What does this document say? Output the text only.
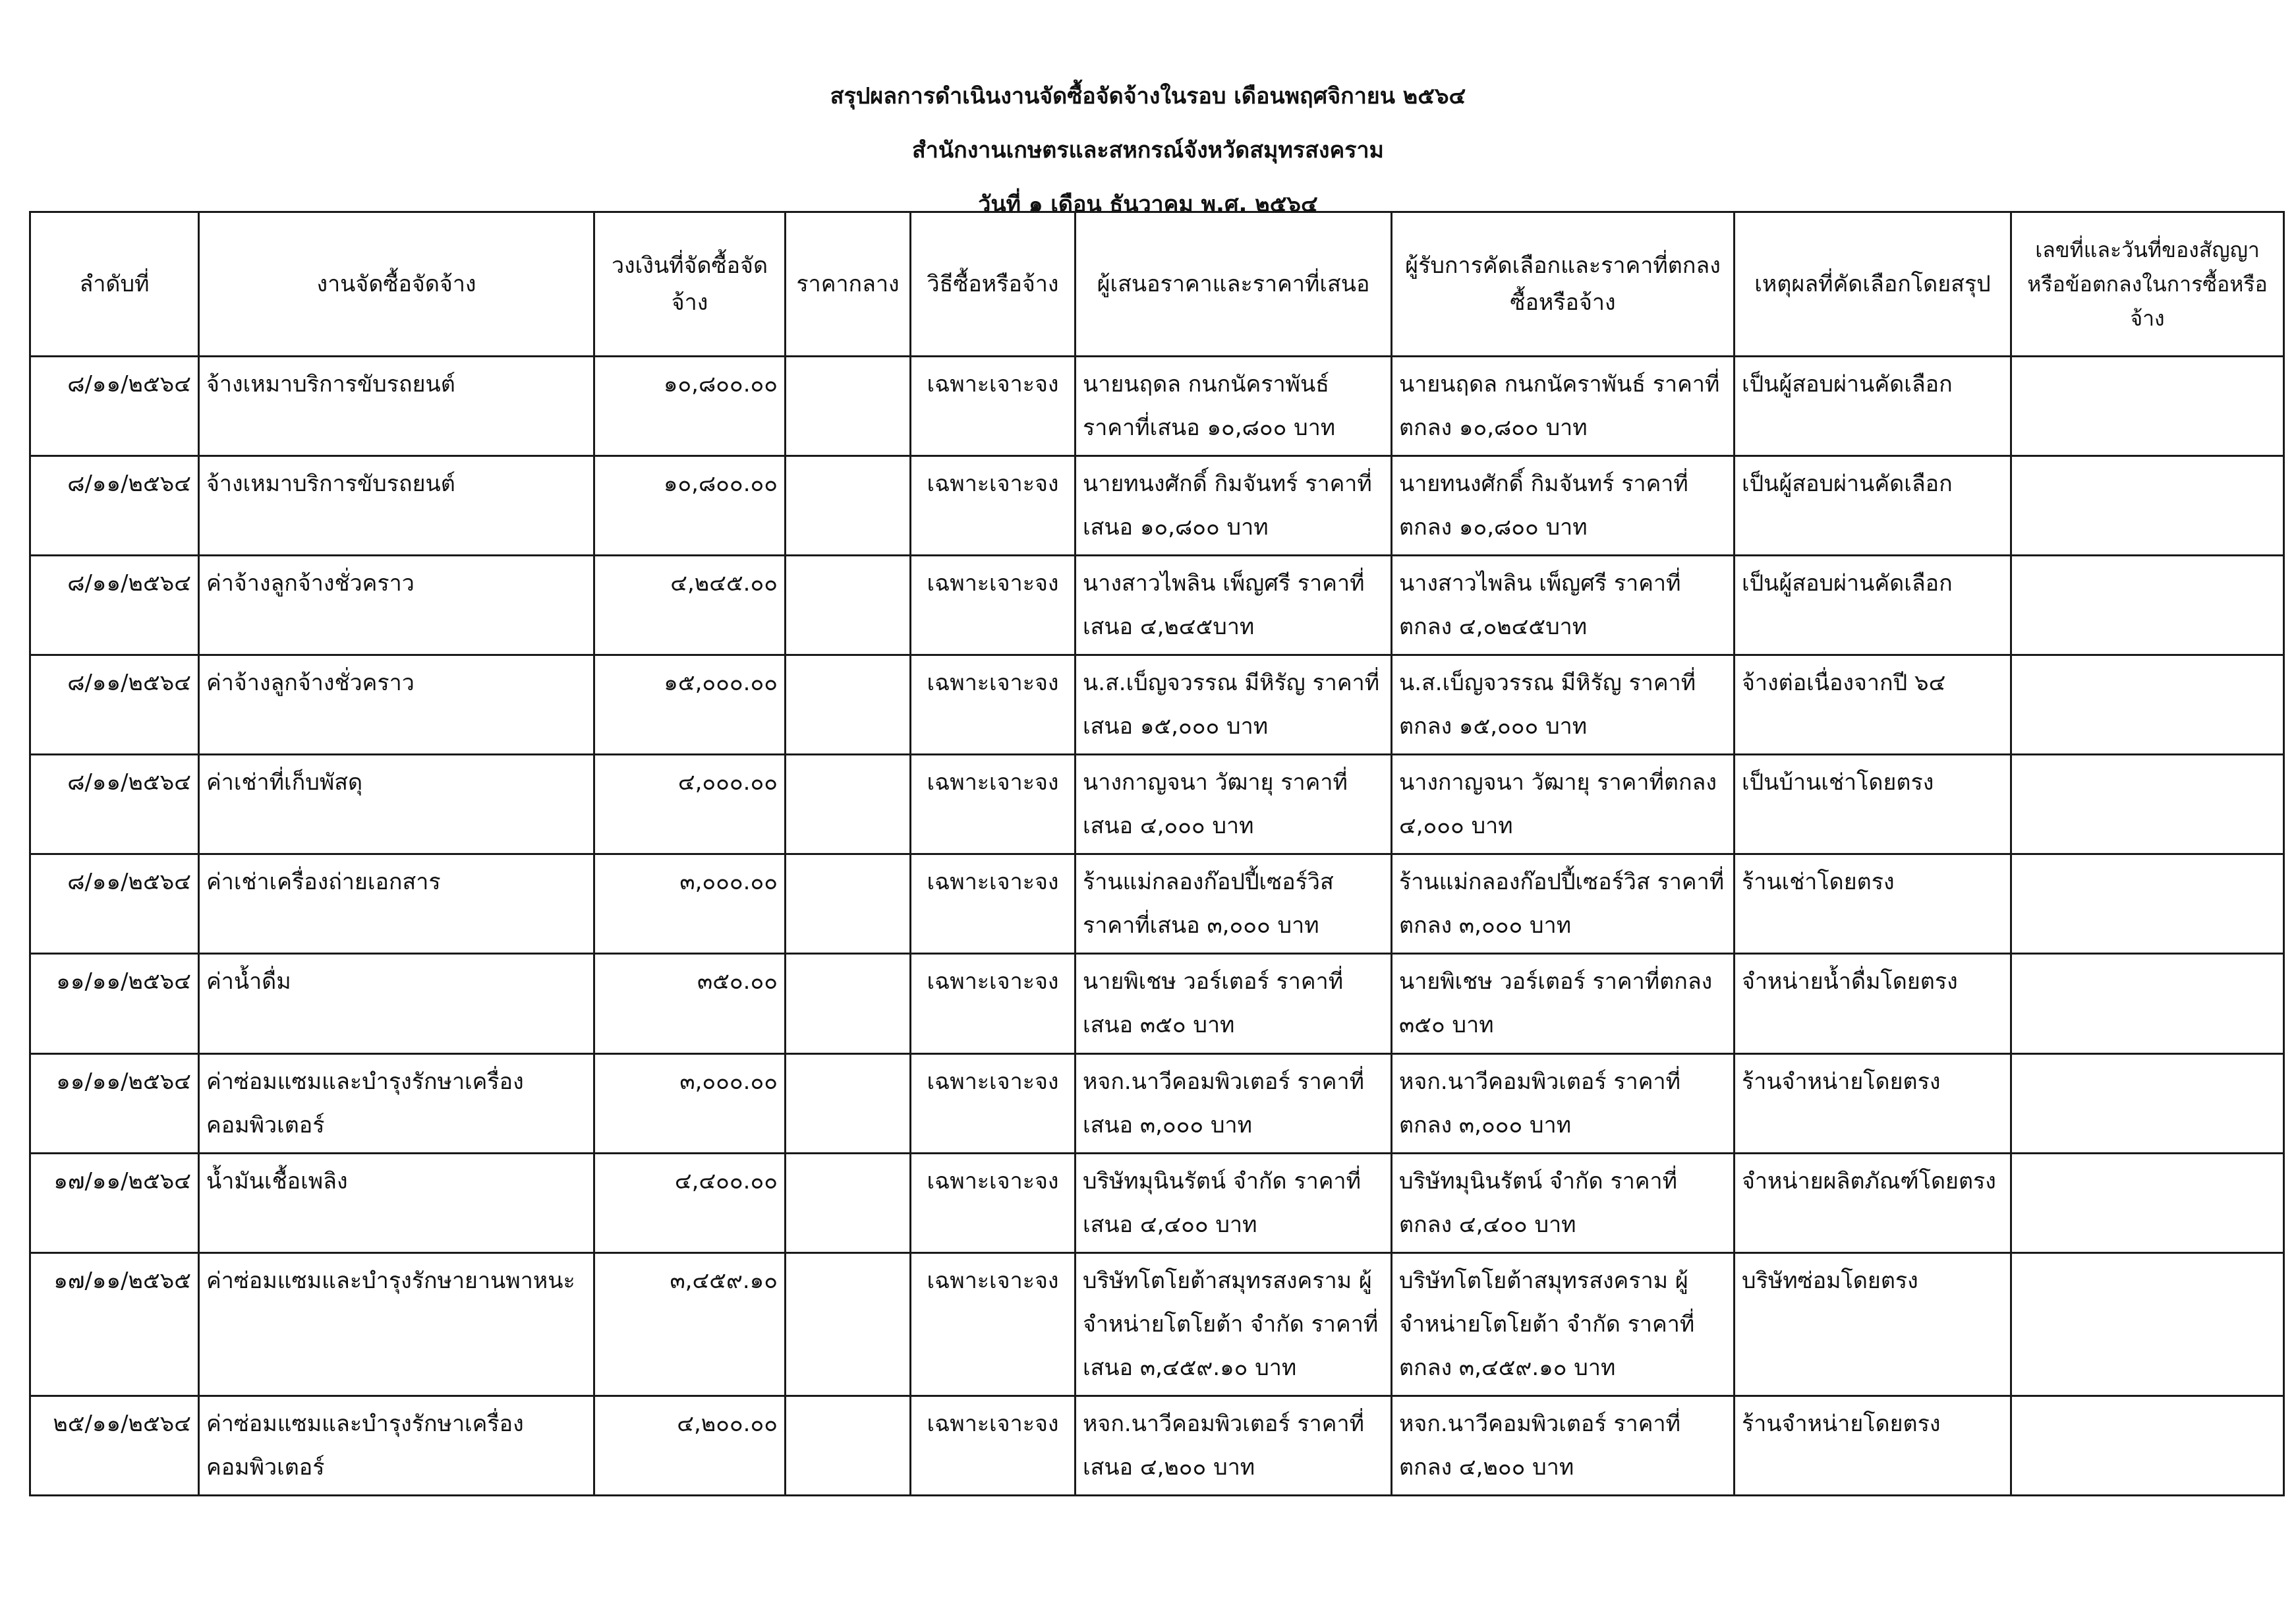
สรุปผลการดำเนินงานจัดซื้อจัดจ้างในรอบ เดือนพฤศจิกายน ๒๕๖๔
สำนักงานเกษตรและสหกรณ์จังหวัดสมุทรสงคราม
วันที่ ๑ เดือน ธันวาคม พ.ศ. ๒๕๖๔
ลำดับที่	งานจัดซื้อจัดจ้าง	วงเงินที่จัดซื้อจัดจ้าง	ราคากลาง	วิธีซื้อหรือจ้าง	ผู้เสนอราคาและราคาที่เสนอ	ผู้รับการคัดเลือกและราคาที่ตกลงซื้อหรือจ้าง	เหตุผลที่คัดเลือกโดยสรุป	เลขที่และวันที่ของสัญญาหรือข้อตกลงในการซื้อหรือจ้าง
๘/๑๑/๒๕๖๔	จ้างเหมาบริการขับรถยนต์	๑๐,๘๐๐.๐๐		เฉพาะเจาะจง	นายนฤดล กนกนัคราพันธ์ ราคาที่เสนอ ๑๐,๘๐๐ บาท	นายนฤดล กนกนัคราพันธ์ ราคาที่ตกลง ๑๐,๘๐๐ บาท	เป็นผู้สอบผ่านคัดเลือก	
๘/๑๑/๒๕๖๔	จ้างเหมาบริการขับรถยนต์	๑๐,๘๐๐.๐๐		เฉพาะเจาะจง	นายทนงศักดิ์ กิมจันทร์ ราคาที่เสนอ ๑๐,๘๐๐ บาท	นายทนงศักดิ์ กิมจันทร์ ราคาที่ตกลง ๑๐,๘๐๐ บาท	เป็นผู้สอบผ่านคัดเลือก	
๘/๑๑/๒๕๖๔	ค่าจ้างลูกจ้างชั่วคราว	๔,๒๔๕.๐๐		เฉพาะเจาะจง	นางสาวไพลิน เพ็ญศรี ราคาที่เสนอ ๔,๒๔๕บาท	นางสาวไพลิน เพ็ญศรี ราคาที่ตกลง ๔,๐๒๔๕บาท	เป็นผู้สอบผ่านคัดเลือก	
๘/๑๑/๒๕๖๔	ค่าจ้างลูกจ้างชั่วคราว	๑๕,๐๐๐.๐๐		เฉพาะเจาะจง	น.ส.เบ็ญจวรรณ มีหิรัญ ราคาที่เสนอ ๑๕,๐๐๐ บาท	น.ส.เบ็ญจวรรณ มีหิรัญ ราคาที่ตกลง ๑๕,๐๐๐ บาท	จ้างต่อเนื่องจากปี ๖๔	
๘/๑๑/๒๕๖๔	ค่าเช่าที่เก็บพัสดุ	๔,๐๐๐.๐๐		เฉพาะเจาะจง	นางกาญจนา วัฒายุ ราคาที่เสนอ ๔,๐๐๐ บาท	นางกาญจนา วัฒายุ ราคาที่ตกลง ๔,๐๐๐ บาท	เป็นบ้านเช่าโดยตรง	
๘/๑๑/๒๕๖๔	ค่าเช่าเครื่องถ่ายเอกสาร	๓,๐๐๐.๐๐		เฉพาะเจาะจง	ร้านแม่กลองก๊อปปี้เซอร์วิส ราคาที่เสนอ ๓,๐๐๐ บาท	ร้านแม่กลองก๊อปปี้เซอร์วิส ราคาที่ตกลง ๓,๐๐๐ บาท	ร้านเช่าโดยตรง	
๑๑/๑๑/๒๕๖๔	ค่าน้ำดื่ม	๓๕๐.๐๐		เฉพาะเจาะจง	นายพิเชษ วอร์เตอร์ ราคาที่เสนอ ๓๕๐ บาท	นายพิเชษ วอร์เตอร์ ราคาที่ตกลง ๓๕๐ บาท	จำหน่ายน้ำดื่มโดยตรง	
๑๑/๑๑/๒๕๖๔	ค่าซ่อมแซมและบำรุงรักษาเครื่องคอมพิวเตอร์	๓,๐๐๐.๐๐		เฉพาะเจาะจง	หจก.นาวีคอมพิวเตอร์ ราคาที่เสนอ ๓,๐๐๐ บาท	หจก.นาวีคอมพิวเตอร์ ราคาที่ตกลง ๓,๐๐๐ บาท	ร้านจำหน่ายโดยตรง	
๑๗/๑๑/๒๕๖๔	น้ำมันเชื้อเพลิง	๔,๔๐๐.๐๐		เฉพาะเจาะจง	บริษัทมุนินรัตน์ จำกัด ราคาที่เสนอ ๔,๔๐๐ บาท	บริษัทมุนินรัตน์ จำกัด ราคาที่ตกลง ๔,๔๐๐ บาท	จำหน่ายผลิตภัณฑ์โดยตรง	
๑๗/๑๑/๒๕๖๕	ค่าซ่อมแซมและบำรุงรักษายานพาหนะ	๓,๔๕๙.๑๐		เฉพาะเจาะจง	บริษัทโตโยต้าสมุทรสงคราม ผู้จำหน่ายโตโยต้า จำกัด ราคาที่เสนอ ๓,๔๕๙.๑๐ บาท	บริษัทโตโยต้าสมุทรสงคราม ผู้จำหน่ายโตโยต้า จำกัด ราคาที่ตกลง ๓,๔๕๙.๑๐ บาท	บริษัทซ่อมโดยตรง	
๒๕/๑๑/๒๕๖๔	ค่าซ่อมแซมและบำรุงรักษาเครื่องคอมพิวเตอร์	๔,๒๐๐.๐๐		เฉพาะเจาะจง	หจก.นาวีคอมพิวเตอร์ ราคาที่เสนอ ๔,๒๐๐ บาท	หจก.นาวีคอมพิวเตอร์ ราคาที่ตกลง ๔,๒๐๐ บาท	ร้านจำหน่ายโดยตรง	
